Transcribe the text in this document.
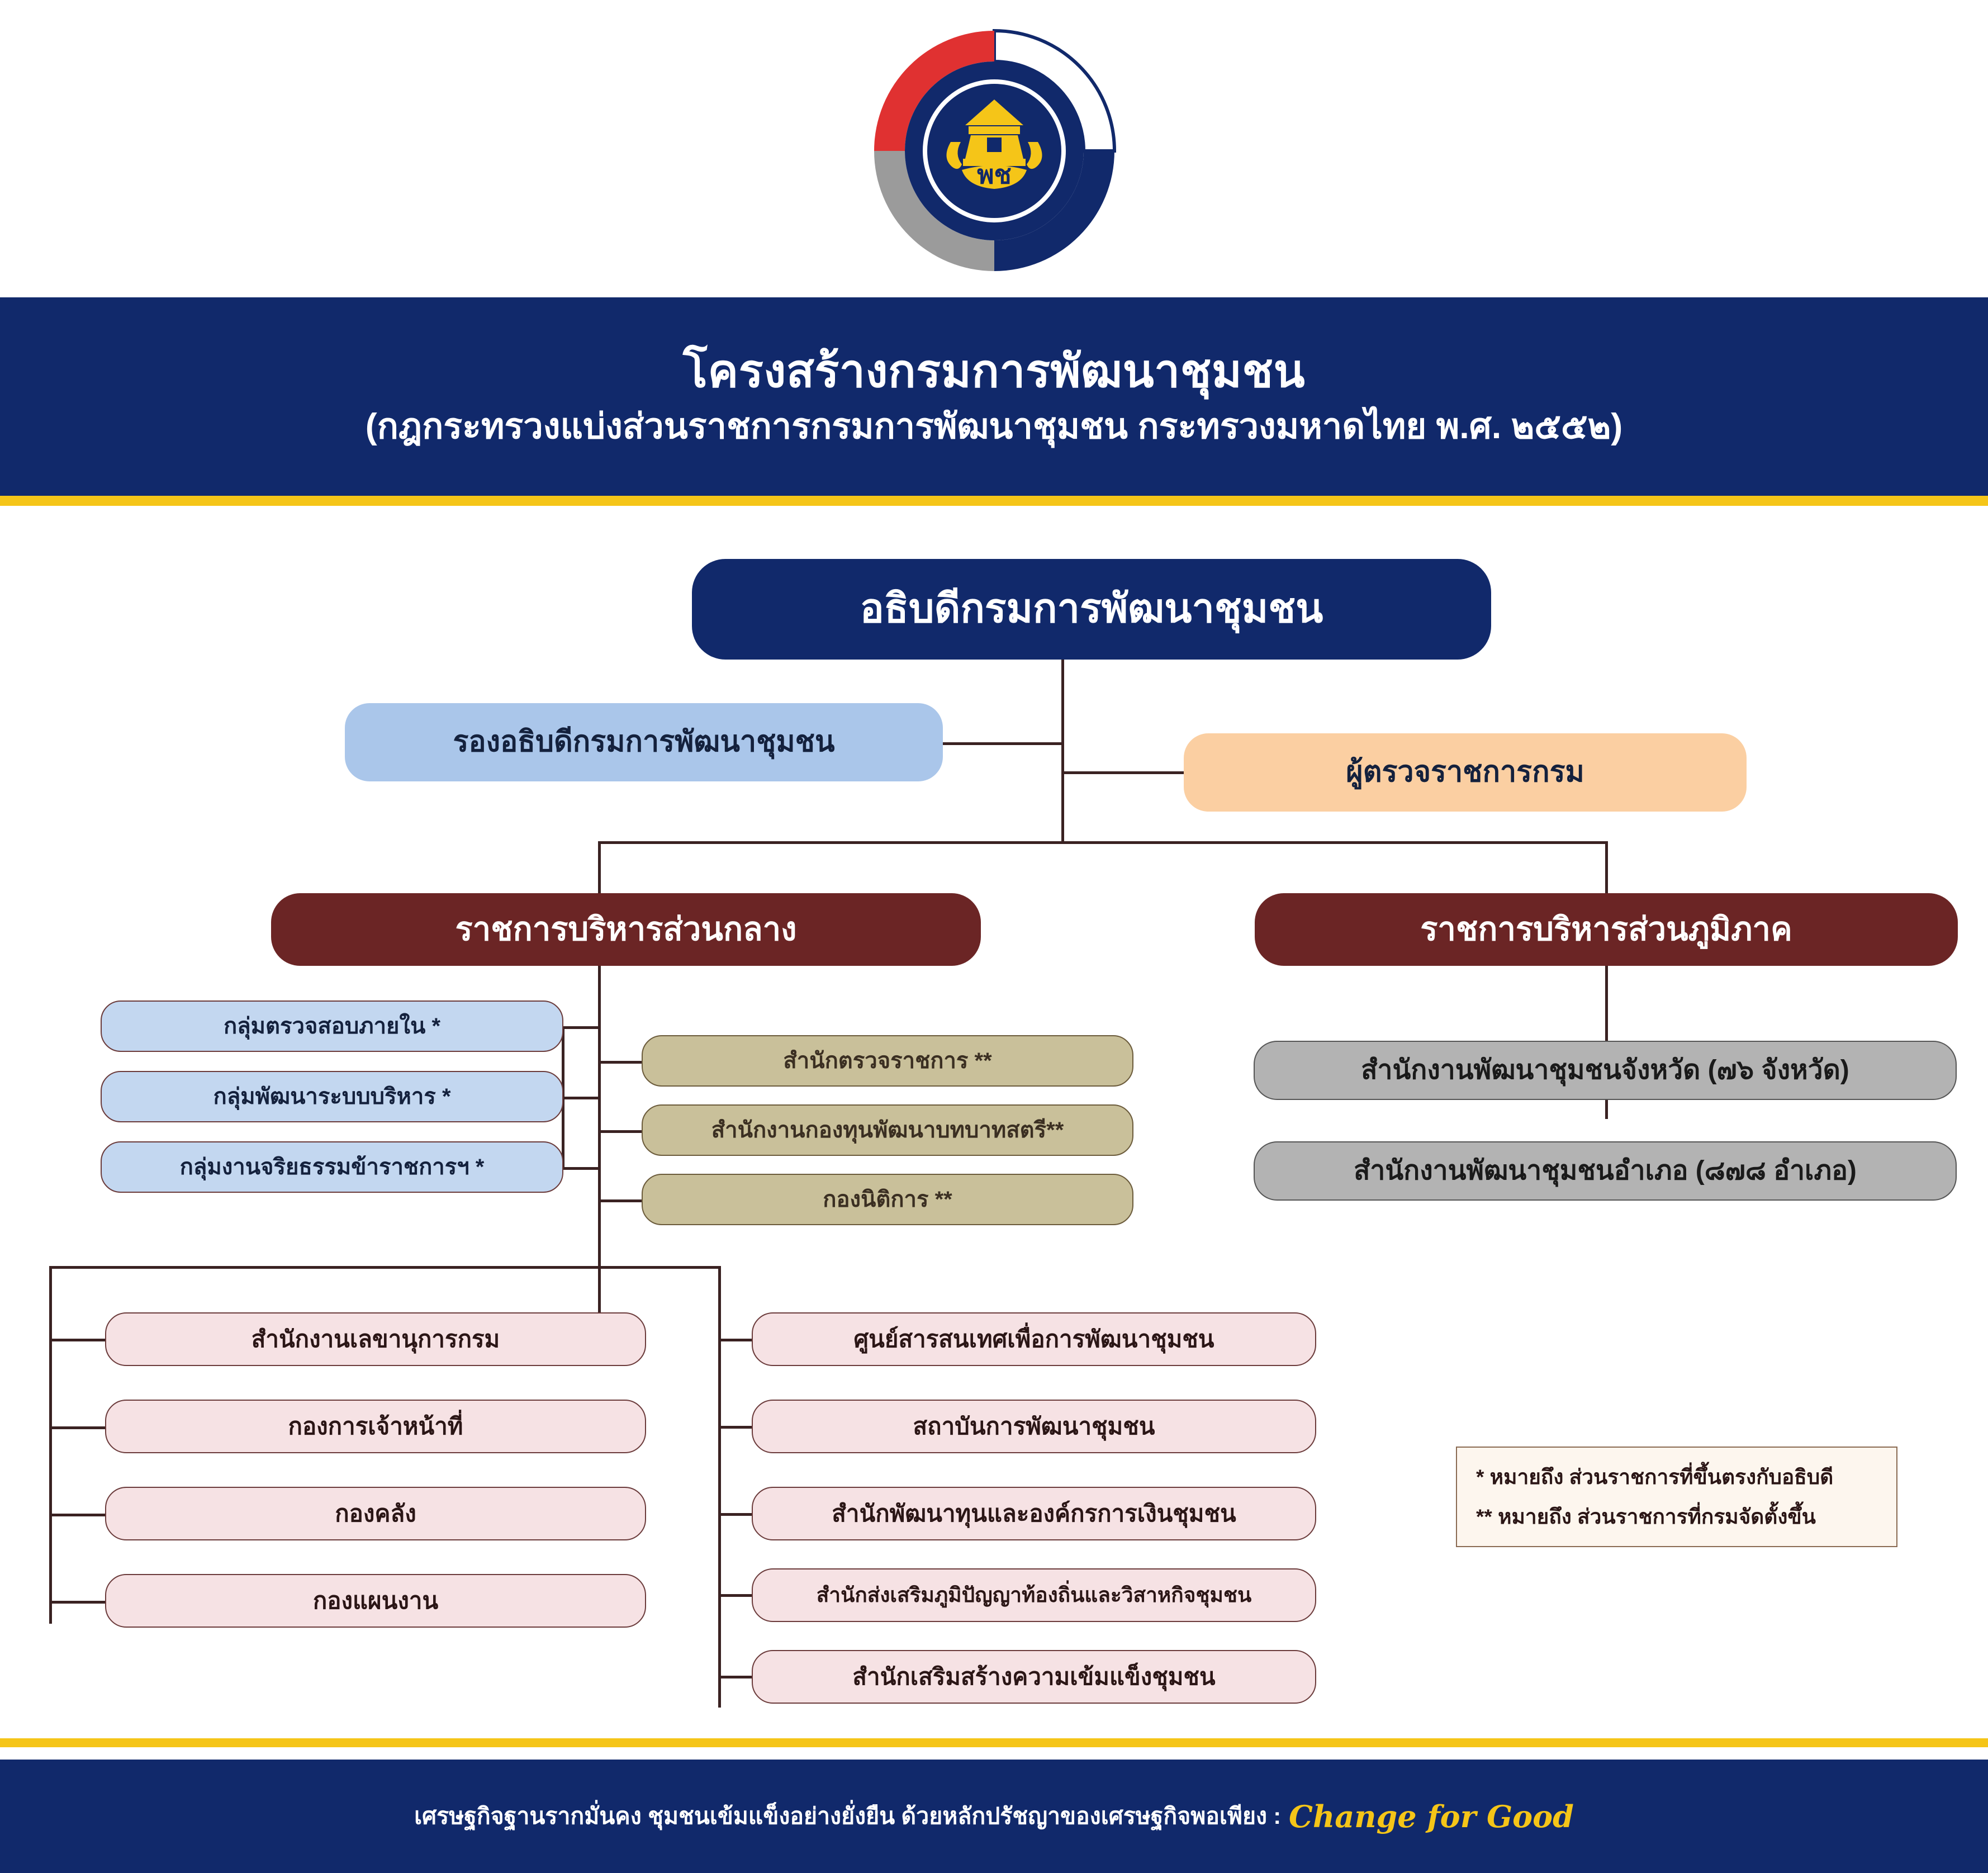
พช
โครงสร้างกรมการพัฒนาชุมชน
(กฎกระทรวงแบ่งส่วนราชการกรมการพัฒนาชุมชน กระทรวงมหาดไทย พ.ศ. ๒๕๕๒)
อธิบดีกรมการพัฒนาชุมชน
รองอธิบดีกรมการพัฒนาชุมชน
ผู้ตรวจราชการกรม
ราชการบริหารส่วนกลาง	ราชการบริหารส่วนภูมิภาค
กลุ่มตรวจสอบภายใน *
กลุ่มพัฒนาระบบบริหาร *
กลุ่มงานจริยธรรมข้าราชการฯ *
สำนักตรวจราชการ **
สำนักงานกองทุนพัฒนาบทบาทสตรี**
กองนิติการ **
สำนักงานเลขานุการกรม
กองการเจ้าหน้าที่
กองคลัง
กองแผนงาน
ศูนย์สารสนเทศเพื่อการพัฒนาชุมชน
สถาบันการพัฒนาชุมชน
สำนักพัฒนาทุนและองค์กรการเงินชุมชน
สำนักส่งเสริมภูมิปัญญาท้องถิ่นและวิสาหกิจชุมชน
สำนักเสริมสร้างความเข้มแข็งชุมชน
สำนักงานพัฒนาชุมชนจังหวัด (๗๖ จังหวัด)
สำนักงานพัฒนาชุมชนอำเภอ (๘๗๘ อำเภอ)
* หมายถึง ส่วนราชการที่ขึ้นตรงกับอธิบดี
** หมายถึง ส่วนราชการที่กรมจัดตั้งขึ้น
เศรษฐกิจฐานรากมั่นคง ชุมชนเข้มแข็งอย่างยั่งยืน ด้วยหลักปรัชญาของเศรษฐกิจพอเพียง : Change for Good
